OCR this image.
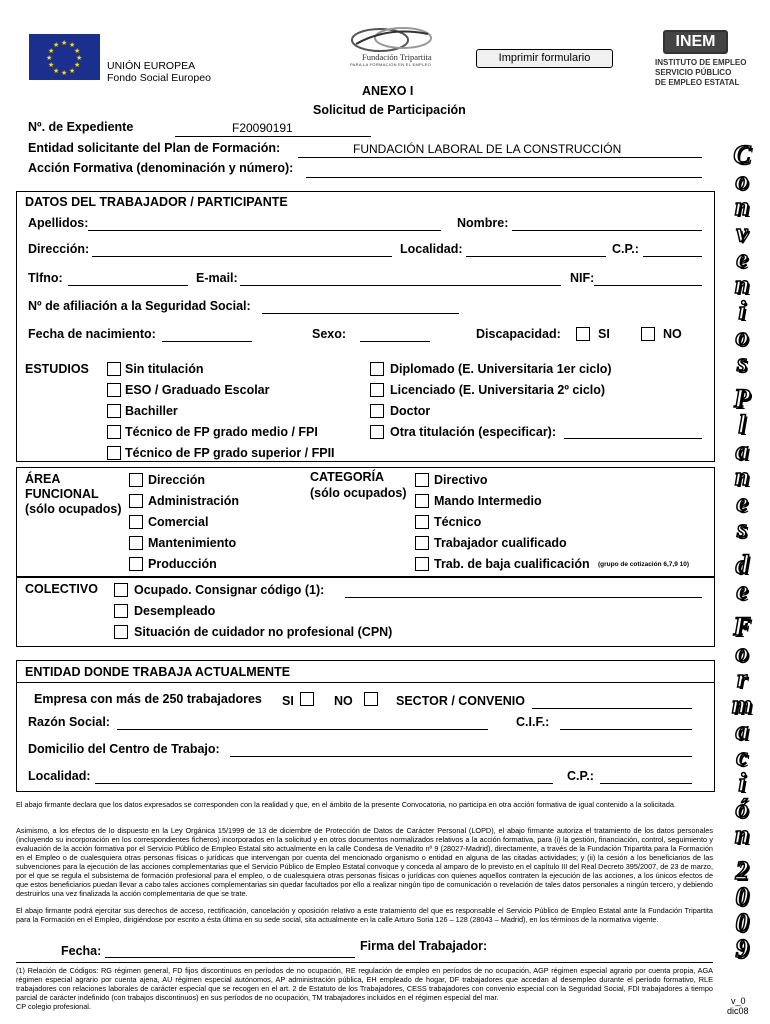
★ ★
★
★
★
★
★
★
★
★
★
★
UNIÓN EUROPEA
Fondo Social Europeo
Fundación Tripartita
PARA LA FORMACIÓN EN EL EMPLEO
Imprimir formulario
INEM
INSTITUTO DE EMPLEO
SERVICIO PÚBLICO
DE EMPLEO ESTATAL
ANEXO I
Solicitud de Participación
Nº. de Expediente	F20090191
Entidad solicitante del Plan de Formación:	FUNDACIÓN LABORAL DE LA CONSTRUCCIÓN
Acción Formativa (denominación y número):
DATOS DEL TRABAJADOR / PARTICIPANTE
Apellidos:	Nombre:
Dirección:	Localidad:	C.P.:
Tlfno:	E-mail:	NIF:
Nº de afiliación a la Seguridad Social:
Fecha de nacimiento:	Sexo:	Discapacidad:	SI	NO
ESTUDIOS	Sin titulación
ESO / Graduado Escolar
Bachiller
Técnico de FP grado medio / FPI
Técnico de FP grado superior / FPII
Diplomado (E. Universitaria 1er ciclo)
Licenciado (E. Universitaria 2º ciclo)
Doctor
Otra titulación (especificar):
ÁREA
FUNCIONAL
(sólo ocupados)
Dirección
Administración
Comercial
Mantenimiento
Producción
CATEGORÍA
(sólo ocupados)
Directivo
Mando Intermedio
Técnico
Trabajador cualificado
Trab. de baja cualificación (grupo de cotización 6,7,9 10)
COLECTIVO	Ocupado. Consignar código (1):
Desempleado
Situación de cuidador no profesional (CPN)
ENTIDAD DONDE TRABAJA ACTUALMENTE
Empresa con más de 250 trabajadores SI	NO	SECTOR / CONVENIO
Razón Social:	C.I.F.:
Domicilio del Centro de Trabajo:
Localidad:	C.P.:
El abajo firmante declara que los datos expresados se corresponden con la realidad y que, en el ámbito de la presente Convocatoria, no participa en otra acción formativa de igual contenido a la solicitada.
Asimismo, a los efectos de lo dispuesto en la Ley Orgánica 15/1999 de 13 de diciembre de Protección de Datos de Carácter Personal (LOPD), el abajo firmante autoriza el tratamiento de los datos personales (incluyendo su incorporación en los correspondientes ficheros) incorporados en la solicitud y en otros documentos normalizados relativos a la acción formativa, para (i) la gestión, financiación, control, seguimiento y evaluación de la acción formativa por el Servicio Público de Empleo Estatal sito actualmente en la calle Condesa de Venadito nº 9 (28027-Madrid), directamente, a través de la Fundación Tripartita para la Formación en el Empleo o de cualesquiera otras personas físicas o jurídicas que intervengan por cuenta del mencionado organismo o entidad en alguna de las citadas actividades; y (ii) la cesión a los beneficiarios de las subvenciones para la ejecución de las acciones complementarias que el Servicio Público de Empleo Estatal convoque y conceda al amparo de lo previsto en el capítulo III del Real Decreto 395/2007, de 23 de marzo, por el que se regula el subsistema de formación profesional para el empleo, o de cualesquiera otras personas físicas o jurídicas con quienes aquellos contraten la ejecución de las acciones, a los únicos efectos de que estos beneficiarios puedan llevar a cabo tales acciones complementarias sin quedar facultados por ello a realizar ningún tipo de comunicación o revelación de tales datos personales a ningún tercero, y debiendo destruirlos una vez finalizada la acción complementaria de que se trate.
El abajo firmante podrá ejercitar sus derechos de acceso, rectificación, cancelación y oposición relativo a este tratamiento del que es responsable el Servicio Público de Empleo Estatal ante la Fundación Tripartita para la Formación en el Empleo, dirigiéndose por escrito a ésta última en su sede social, sita actualmente en la calle Arturo Soria 126 – 128 (28043 – Madrid), en los términos de la normativa vigente.
Fecha:	Firma del Trabajador:
(1) Relación de Códigos: RG régimen general, FD fijos discontinuos en períodos de no ocupación, RE regulación de empleo en períodos de no ocupación, AGP régimen especial agrario por cuenta propia, AGA régimen especial agrario por cuenta ajena, AU régimen especial autónomos, AP administración pública, EH empleado de hogar, DF trabajadores que accedan al desempleo durante el período formativo, RLE trabajadores con relaciones laborales de carácter especial que se recogen en el art. 2 de Estatuto de los Trabajadores, CESS trabajadores con convenio especial con la Seguridad Social, FDI trabajadores a tiempo parcial de carácter indefinido (con trabajos discontinuos) en sus períodos de no ocupación, TM trabajadores incluidos en el régimen especial del mar.
CP colegio profesional.
v_0
dic08
C
o
n
v
e
n
i
o
s
P
l
a
n
e
s
d
e
F
o
r
m
a
c
i
ó
n
2
0
0
9
